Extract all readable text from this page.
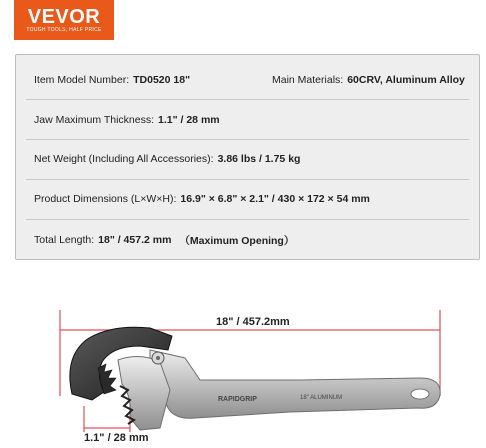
VEVOR
TOUGH TOOLS, HALF PRICE
Item Model Number: TD0520 18"	Main Materials: 60CRV, Aluminum Alloy
Jaw Maximum Thickness: 1.1" / 28 mm
Net Weight (Including All Accessories): 3.86 lbs / 1.75 kg
Product Dimensions (L×W×H): 16.9" × 6.8" × 2.1" / 430 × 172 × 54 mm
Total Length: 18" / 457.2 mm （Maximum Opening）
18" / 457.2mm
1.1" / 28 mm
RAPIDGRIP	18" ALUMINUM
